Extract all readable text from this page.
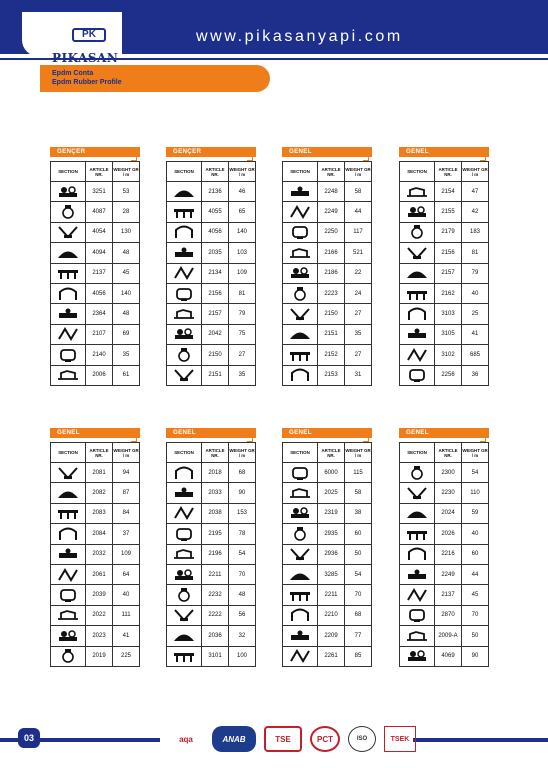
PK
PIKASAN
www.pikasanyapi.com
Epdm Conta
Epdm Rubber Profile
GENÇER
SECTION	ARTICLE NR.
WEIGHT GR / m
3251	53
4087	28
4054	130
4094	48
2137	45
4056	140
2364	48
2107	69
2140	35
2006	61
GENÇER
SECTION	ARTICLE NR.
WEIGHT GR / m
2136	46
4055	65
4056	140
2035	103
2134	109
2156	81
2157	79
2042	75
2150	27
2151	35
GENEL
SECTION	ARTICLE NR.
WEIGHT GR / m
2248	58
2249	44
2250	117
2166	521
2186	22
2223	24
2150	27
2151	35
2152	27
2153	31
GENEL
SECTION	ARTICLE NR.
WEIGHT GR / m
2154	47
2155	42
2179	183
2156	81
2157	79
2162	40
3103	25
3105	41
3102	685
2256	36
GENEL
SECTION	ARTICLE NR.
WEIGHT GR / m
2081	94
2082	87
2083	84
2084	37
2032	109
2061	64
2039	40
2022	111
2023	41
2019	225
GENEL
SECTION	ARTICLE NR.
WEIGHT GR / m
2018	68
2033	90
2038	153
2195	78
2196	54
2211	70
2232	48
2222	56
2036	32
3101	100
GENEL
SECTION	ARTICLE NR.
WEIGHT GR / m
6000	115
2025	58
2319	38
2935	60
2936	50
3285	54
2211	70
2210	68
2209	77
2261	85
GENEL
SECTION	ARTICLE NR.
WEIGHT GR / m
2300	54
2230	110
2024	59
2026	40
2216	60
2249	44
2137	45
2870	70
2009-A	50
4069	90
03	aqa	ANAB	TSE	PCT	ISO	TSEK
